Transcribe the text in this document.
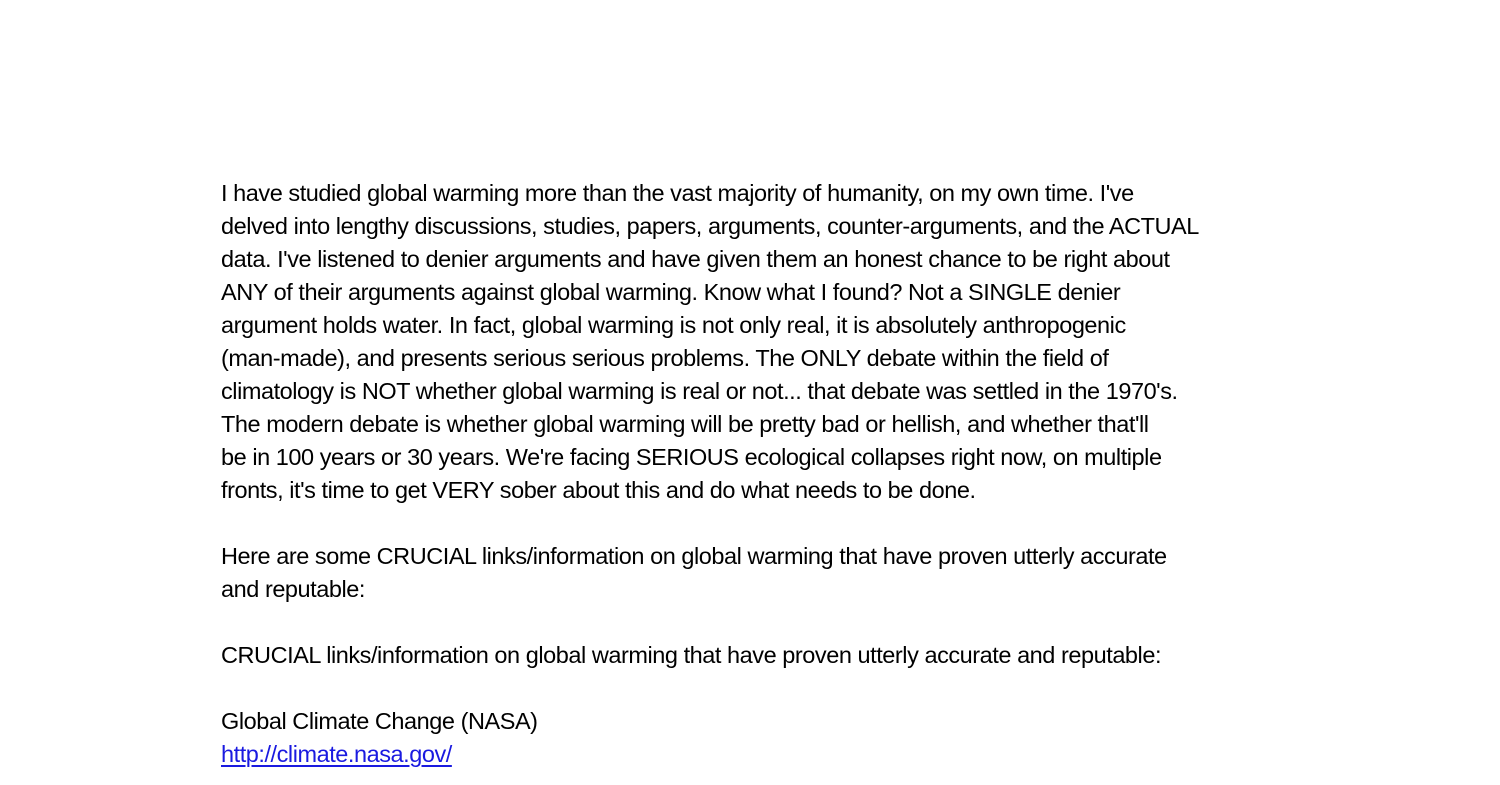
I have studied global warming more than the vast majority of humanity, on my own time. I've
delved into lengthy discussions, studies, papers, arguments, counter-arguments, and the ACTUAL
data. I've listened to denier arguments and have given them an honest chance to be right about
ANY of their arguments against global warming. Know what I found? Not a SINGLE denier
argument holds water. In fact, global warming is not only real, it is absolutely anthropogenic
(man-made), and presents serious serious problems. The ONLY debate within the field of
climatology is NOT whether global warming is real or not... that debate was settled in the 1970's.
The modern debate is whether global warming will be pretty bad or hellish, and whether that'll
be in 100 years or 30 years. We're facing SERIOUS ecological collapses right now, on multiple
fronts, it's time to get VERY sober about this and do what needs to be done.
Here are some CRUCIAL links/information on global warming that have proven utterly accurate
and reputable:
CRUCIAL links/information on global warming that have proven utterly accurate and reputable:
Global Climate Change (NASA)
http://climate.nasa.gov/
